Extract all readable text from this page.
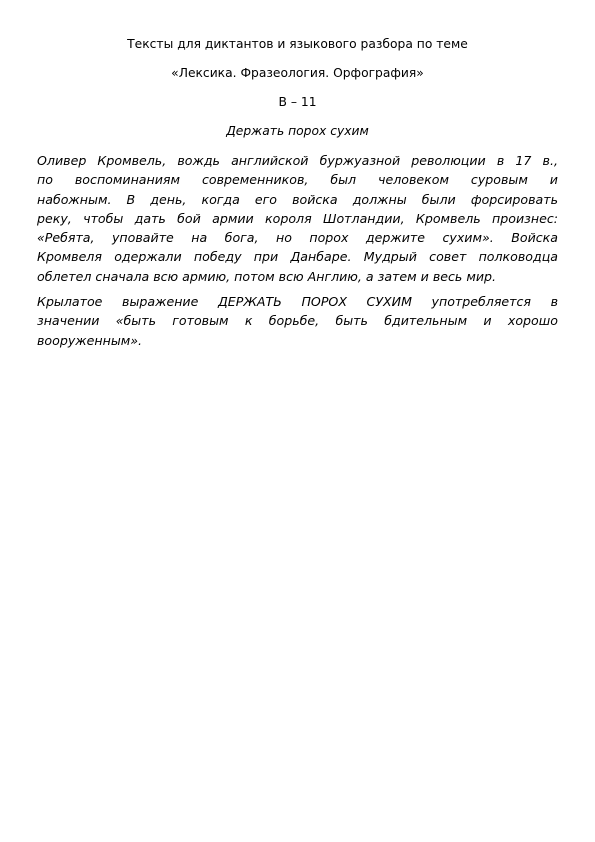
Тексты для диктантов и языкового разбора по теме
«Лексика. Фразеология. Орфография»
В – 11
Держать порох сухим

Оливер Кромвель, вождь английской буржуазной революции в 17 в.,
по воспоминаниям современников, был человеком суровым и
набожным. В день, когда его войска должны были форсировать
реку, чтобы дать бой армии короля Шотландии, Кромвель произнес:
«Ребята, уповайте на бога, но порох держите сухим». Войска
Кромвеля одержали победу при Данбаре. Мудрый совет полководца
облетел сначала всю армию, потом всю Англию, а затем и весь мир.

Крылатое выражение ДЕРЖАТЬ ПОРОХ СУХИМ употребляется в
значении «быть готовым к борьбе, быть бдительным и хорошо
вооруженным».
